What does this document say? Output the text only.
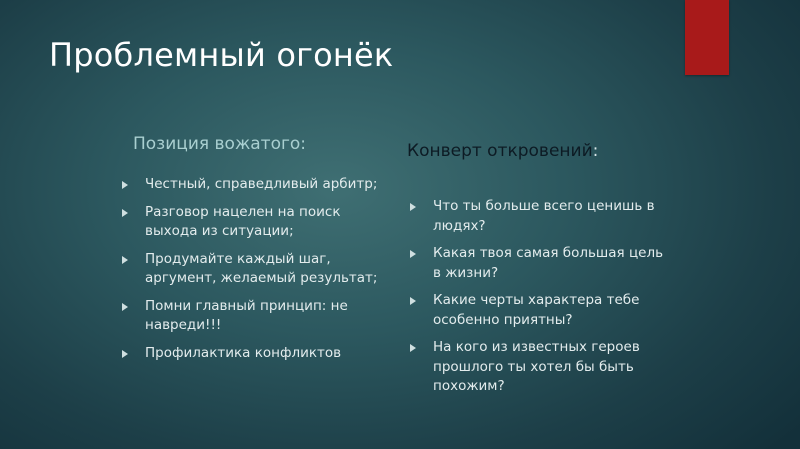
Проблемный огонёк
Позиция вожатого:	Конверт откровений:
Честный, справедливый арбитр;
Разговор нацелен на поиск выхода из ситуации;
Продумайте каждый шаг, аргумент, желаемый результат;
Помни главный принцип: не навреди!!!
Профилактика конфликтов
Что ты больше всего ценишь в людях?
Какая твоя самая большая цель в жизни?
Какие черты характера тебе особенно приятны?
На кого из известных героев прошлого ты хотел бы быть похожим?
